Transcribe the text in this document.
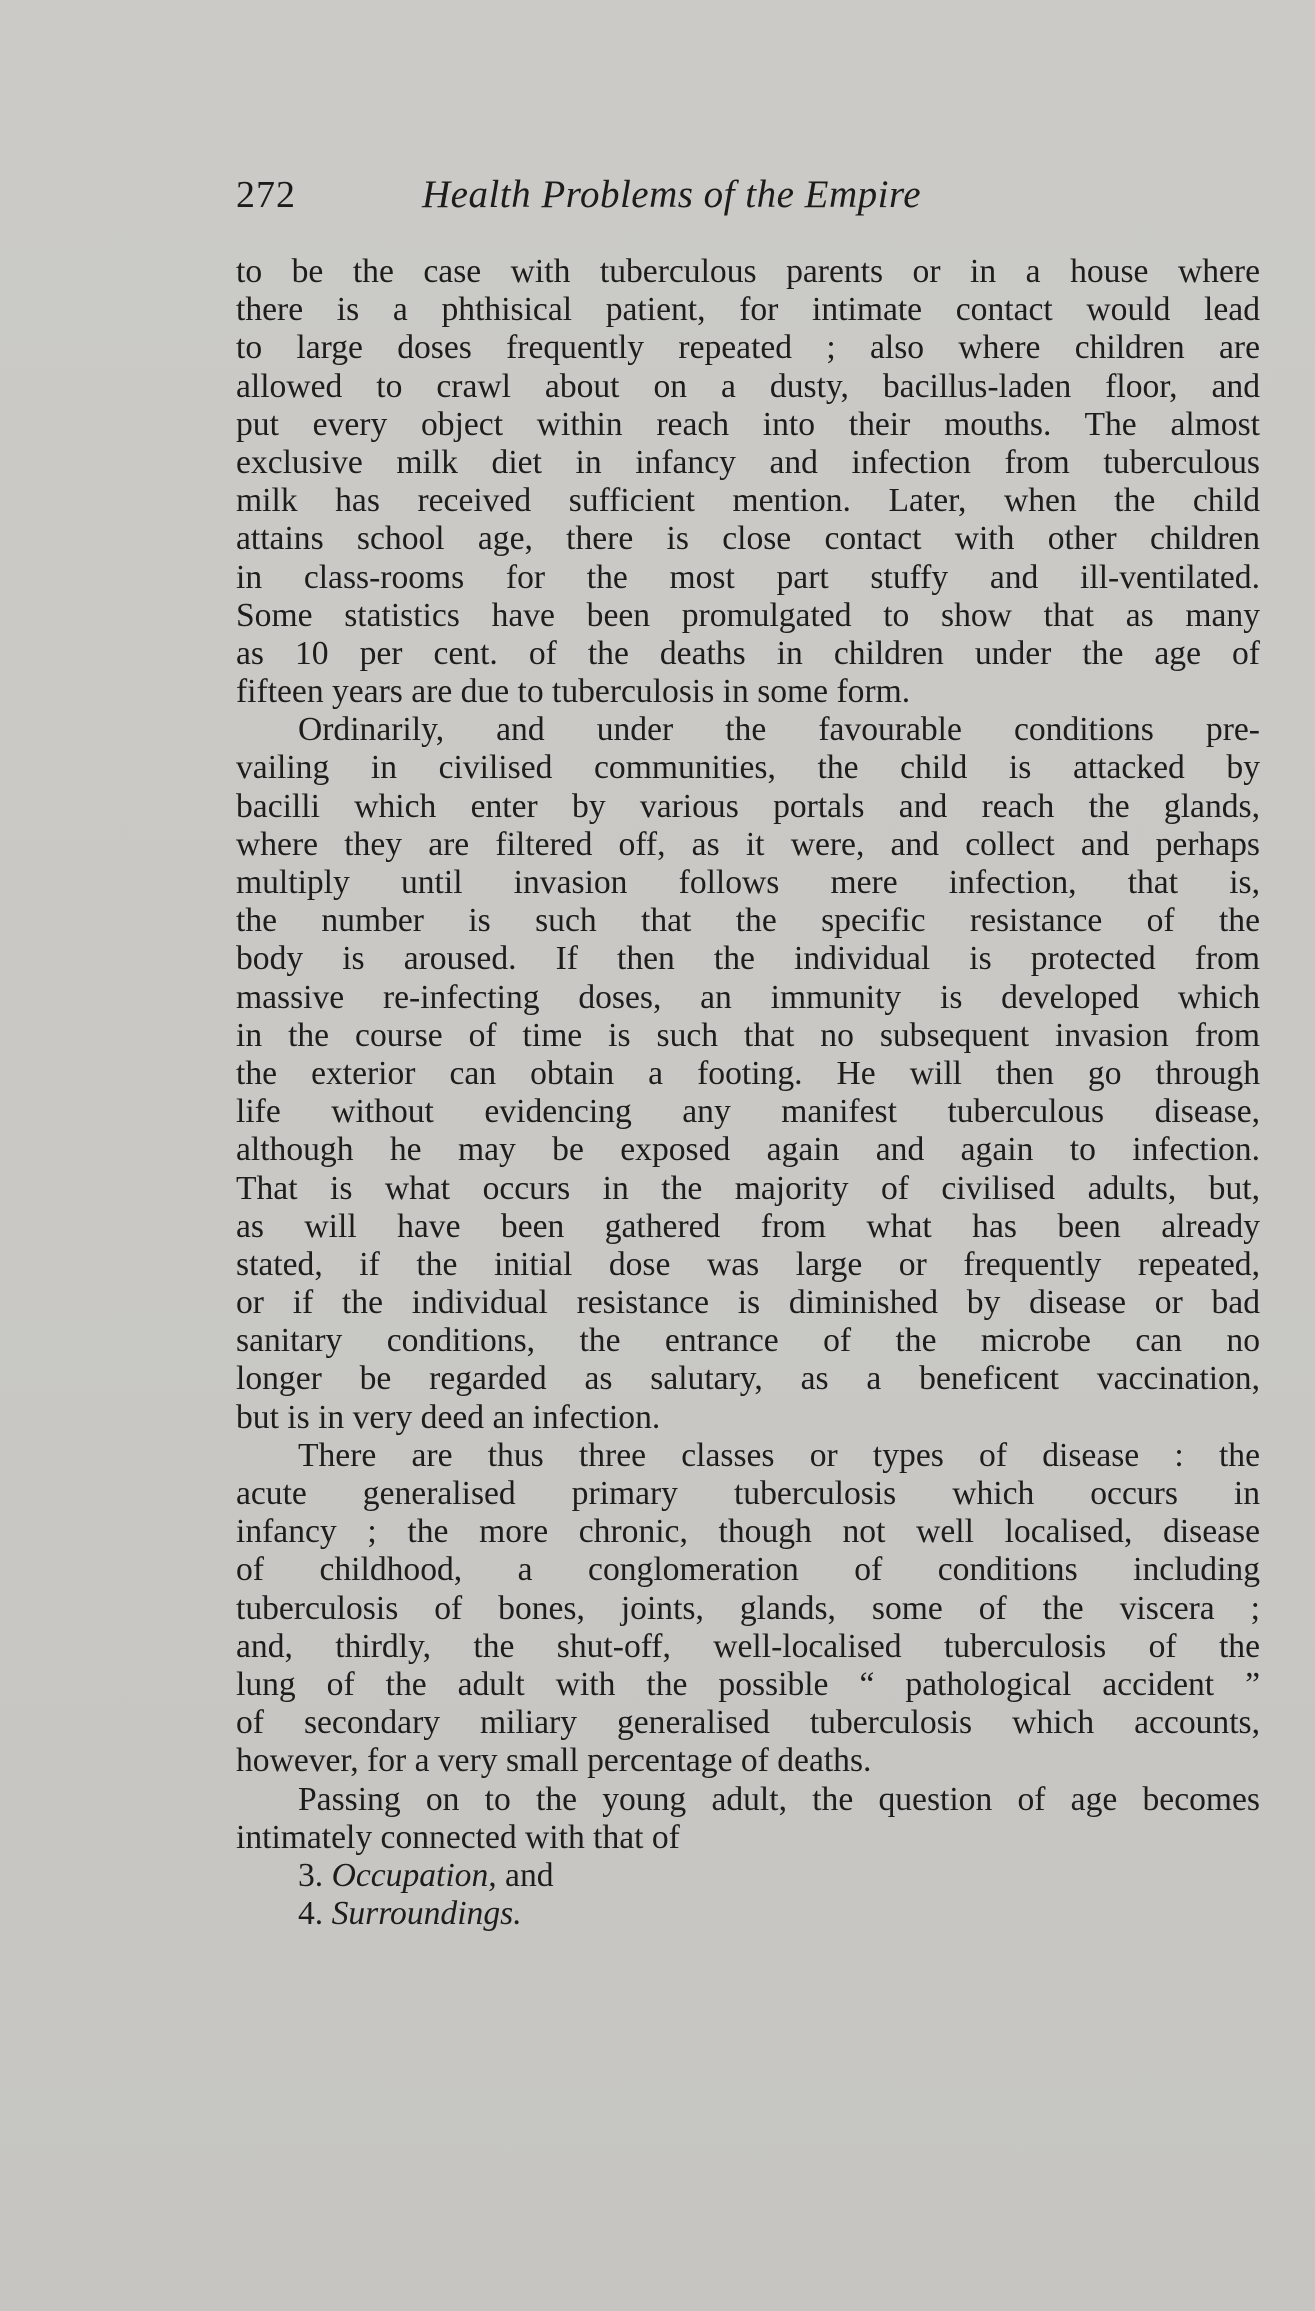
272	Health Problems of the Empire
to be the case with tuberculous parents or in a house where
there is a phthisical patient, for intimate contact would lead
to large doses frequently repeated ; also where children are
allowed to crawl about on a dusty, bacillus-laden floor, and
put every object within reach into their mouths. The almost
exclusive milk diet in infancy and infection from tuberculous
milk has received sufficient mention. Later, when the child
attains school age, there is close contact with other children
in class-rooms for the most part stuffy and ill-ventilated.
Some statistics have been promulgated to show that as many
as 10 per cent. of the deaths in children under the age of
fifteen years are due to tuberculosis in some form.
Ordinarily, and under the favourable conditions pre-
vailing in civilised communities, the child is attacked by
bacilli which enter by various portals and reach the glands,
where they are filtered off, as it were, and collect and perhaps
multiply until invasion follows mere infection, that is,
the number is such that the specific resistance of the
body is aroused. If then the individual is protected from
massive re-infecting doses, an immunity is developed which
in the course of time is such that no subsequent invasion from
the exterior can obtain a footing. He will then go through
life without evidencing any manifest tuberculous disease,
although he may be exposed again and again to infection.
That is what occurs in the majority of civilised adults, but,
as will have been gathered from what has been already
stated, if the initial dose was large or frequently repeated,
or if the individual resistance is diminished by disease or bad
sanitary conditions, the entrance of the microbe can no
longer be regarded as salutary, as a beneficent vaccination,
but is in very deed an infection.
There are thus three classes or types of disease : the
acute generalised primary tuberculosis which occurs in
infancy ; the more chronic, though not well localised, disease
of childhood, a conglomeration of conditions including
tuberculosis of bones, joints, glands, some of the viscera ;
and, thirdly, the shut-off, well-localised tuberculosis of the
lung of the adult with the possible “ pathological accident ”
of secondary miliary generalised tuberculosis which accounts,
however, for a very small percentage of deaths.
Passing on to the young adult, the question of age becomes
intimately connected with that of
3. Occupation, and
4. Surroundings.
